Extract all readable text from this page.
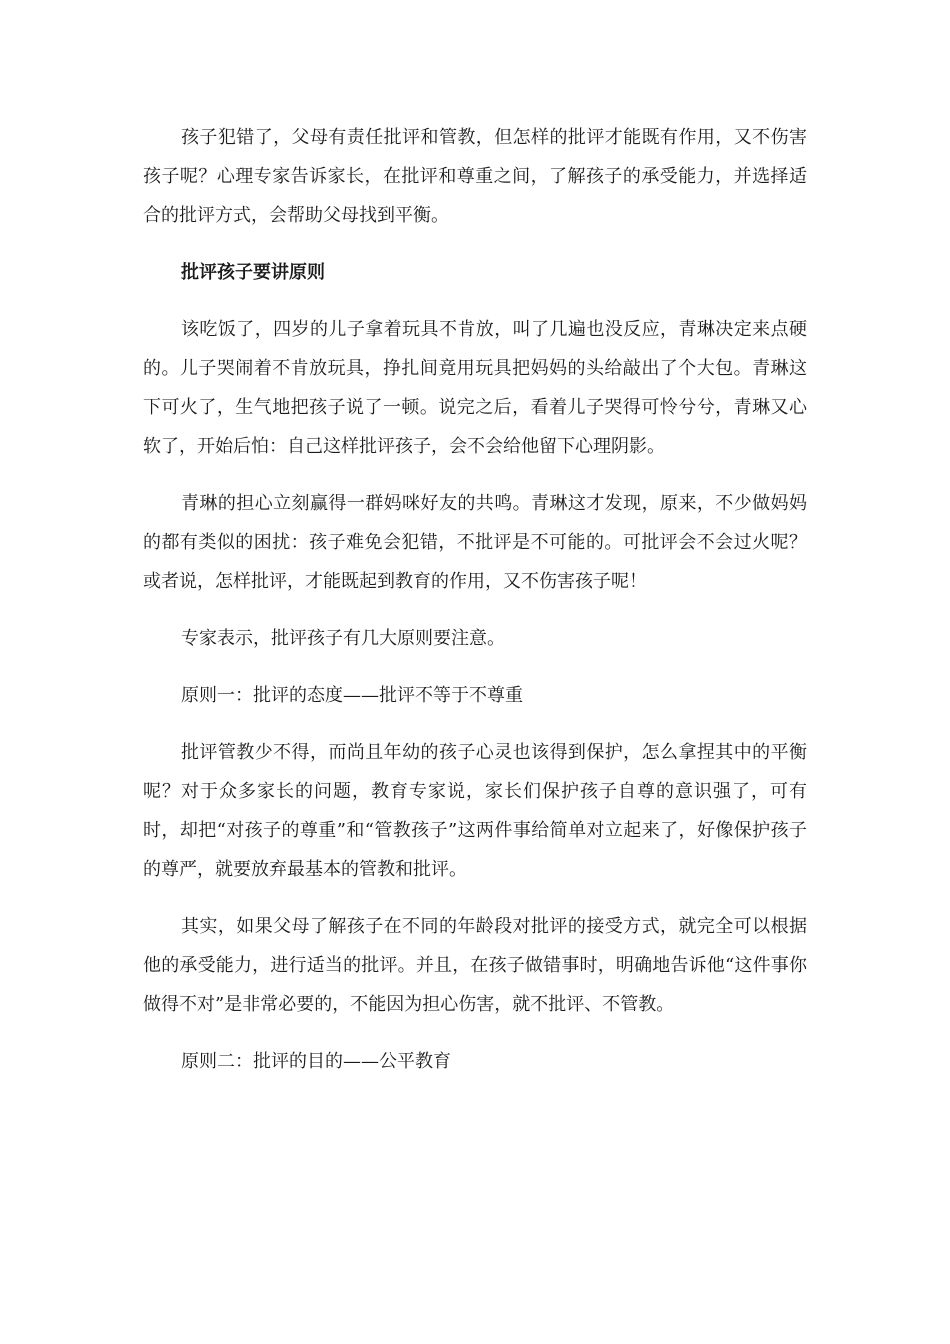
孩子犯错了，父母有责任批评和管教，但怎样的批评才能既有作用，又不伤害孩子呢？心理专家告诉家长，在批评和尊重之间，了解孩子的承受能力，并选择适合的批评方式，会帮助父母找到平衡。

批评孩子要讲原则

该吃饭了，四岁的儿子拿着玩具不肯放，叫了几遍也没反应，青琳决定来点硬的。儿子哭闹着不肯放玩具，挣扎间竟用玩具把妈妈的头给敲出了个大包。青琳这下可火了，生气地把孩子说了一顿。说完之后，看着儿子哭得可怜兮兮，青琳又心软了，开始后怕：自己这样批评孩子，会不会给他留下心理阴影。

青琳的担心立刻赢得一群妈咪好友的共鸣。青琳这才发现，原来，不少做妈妈的都有类似的困扰：孩子难免会犯错，不批评是不可能的。可批评会不会过火呢？或者说，怎样批评，才能既起到教育的作用，又不伤害孩子呢！

专家表示，批评孩子有几大原则要注意。

原则一：批评的态度——批评不等于不尊重

批评管教少不得，而尚且年幼的孩子心灵也该得到保护，怎么拿捏其中的平衡呢？对于众多家长的问题，教育专家说，家长们保护孩子自尊的意识强了，可有时，却把“对孩子的尊重”和“管教孩子”这两件事给简单对立起来了，好像保护孩子的尊严，就要放弃最基本的管教和批评。

其实，如果父母了解孩子在不同的年龄段对批评的接受方式，就完全可以根据他的承受能力，进行适当的批评。并且，在孩子做错事时，明确地告诉他“这件事你做得不对”是非常必要的，不能因为担心伤害，就不批评、不管教。

原则二：批评的目的——公平教育
